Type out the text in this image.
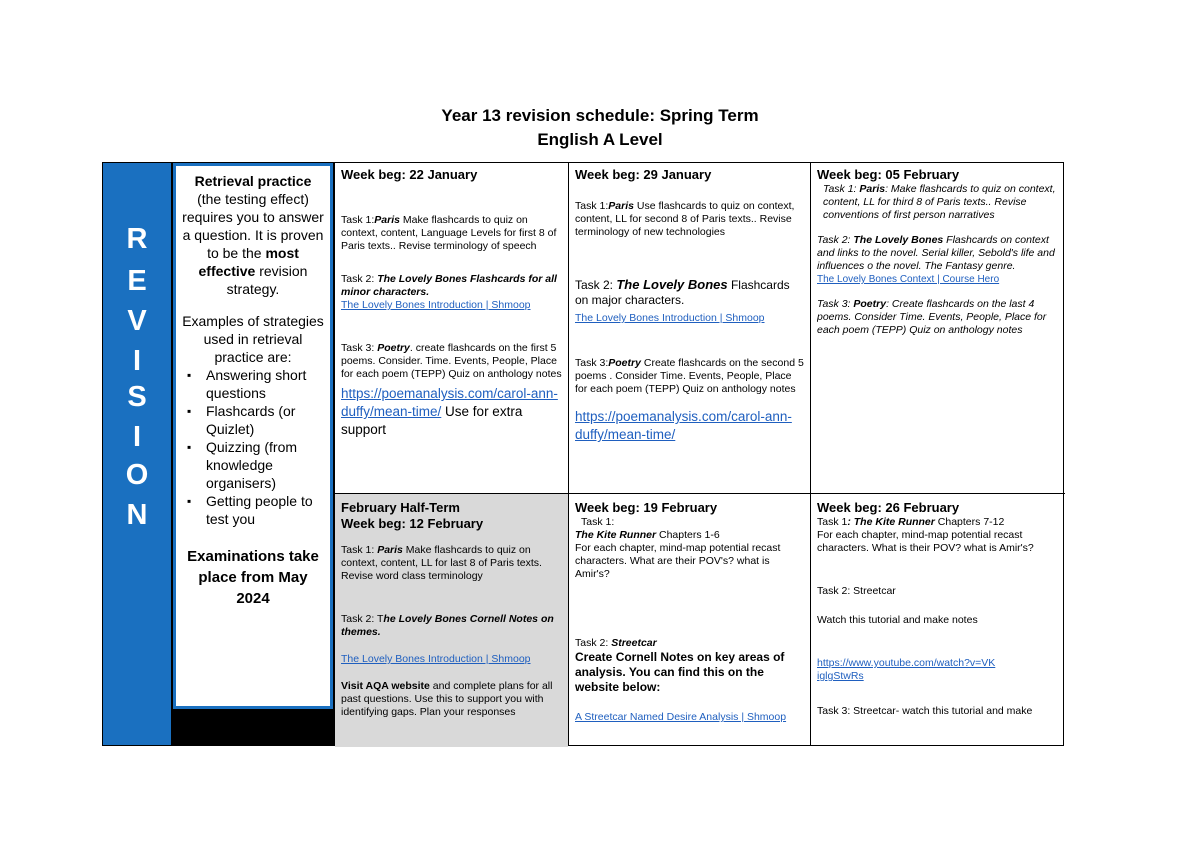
Year 13 revision schedule: Spring Term
English A Level
R
E
V
I
S
I
O
N
Retrieval practice
(the testing effect) requires you to answer a question. It is proven to be the most effective revision strategy.
Examples of strategies used in retrieval practice are:
▪ Answering short questions
▪ Flashcards (or Quizlet)
▪ Quizzing (from knowledge organisers)
▪ Getting people to test you
Examinations take place from May 2024
Week beg: 22 January

Task 1:Paris Make flashcards to quiz on context, content, Language Levels for first 8 of Paris texts.. Revise terminology of speech

Task 2: The Lovely Bones Flashcards for all minor characters.

The Lovely Bones Introduction | Shmoop

Task 3: Poetry. create flashcards on the first 5 poems. Consider. Time. Events, People, Place for each poem (TEPP) Quiz on anthology notes

https://poemanalysis.com/carol-ann-duffy/mean-time/ Use for extra support

Week beg: 29 January

Task 1:Paris Use flashcards to quiz on context, content, LL for second 8 of Paris texts.. Revise terminology of new technologies

Task 2: The Lovely Bones Flashcards on major characters.

The Lovely Bones Introduction | Shmoop

Task 3:Poetry Create flashcards on the second 5 poems . Consider Time. Events, People, Place for each poem (TEPP) Quiz on anthology notes

https://poemanalysis.com/carol-ann-duffy/mean-time/

Week beg: 05 February

Task 1: Paris: Make flashcards to quiz on context, content, LL for third 8 of Paris texts.. Revise conventions of first person narratives

Task 2: The Lovely Bones Flashcards on context and links to the novel. Serial killer, Sebold's life and influences o the novel. The Fantasy genre.

The Lovely Bones Context | Course Hero

Task 3: Poetry: Create flashcards on the last 4 poems. Consider Time. Events, People, Place for each poem (TEPP) Quiz on anthology notes

February Half-Term
Week beg: 12 February

Task 1: Paris Make flashcards to quiz on context, content, LL for last 8 of Paris texts. Revise word class terminology

Task 2: The Lovely Bones Cornell Notes on themes.

The Lovely Bones Introduction | Shmoop

Visit AQA website and complete plans for all past questions. Use this to support you with identifying gaps. Plan your responses

Week beg: 19 February

Task 1:

The Kite Runner Chapters 1-6

For each chapter, mind-map potential recast characters. What are their POV's? what is Amir's?

Task 2: Streetcar

Create Cornell Notes on key areas of analysis. You can find this on the website below:

A Streetcar Named Desire Analysis | Shmoop

Week beg: 26 February

Task 1: The Kite Runner Chapters 7-12

For each chapter, mind-map potential recast characters. What is their POV? what is Amir's?

Task 2: Streetcar

Watch this tutorial and make notes

https://www.youtube.com/watch?v=VKiglgStwRs

Task 3: Streetcar- watch this tutorial and make
